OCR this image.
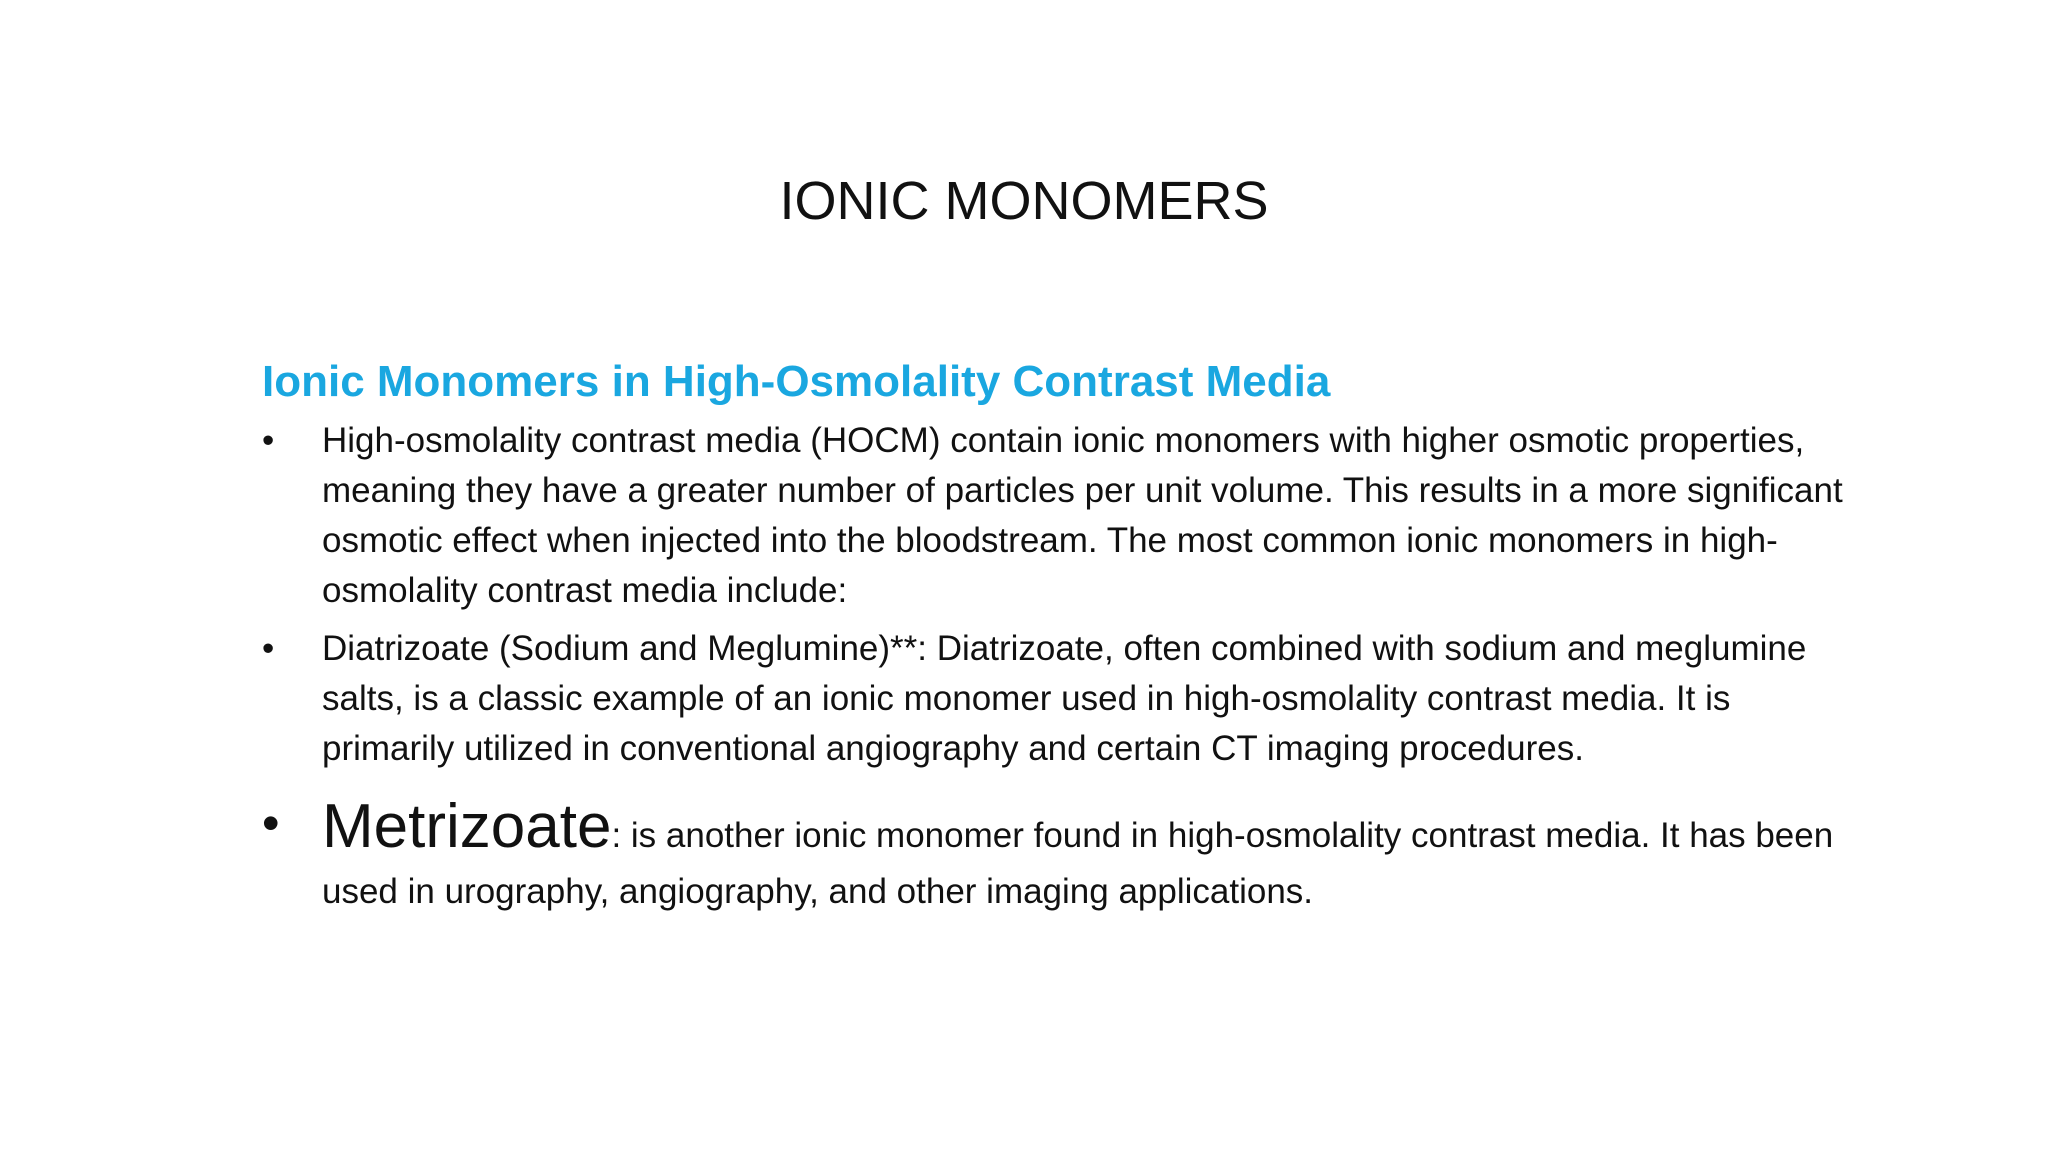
IONIC MONOMERS
Ionic Monomers in High-Osmolality Contrast Media
•	High-osmolality contrast media (HOCM) contain ionic monomers with higher osmotic properties, meaning they have a greater number of particles per unit volume. This results in a more significant osmotic effect when injected into the bloodstream. The most common ionic monomers in high-osmolality contrast media include:
•	Diatrizoate (Sodium and Meglumine)**: Diatrizoate, often combined with sodium and meglumine salts, is a classic example of an ionic monomer used in high-osmolality contrast media. It is primarily utilized in conventional angiography and certain CT imaging procedures.
• Metrizoate: is another ionic monomer found in high-osmolality contrast media. It has been used in urography, angiography, and other imaging applications.
